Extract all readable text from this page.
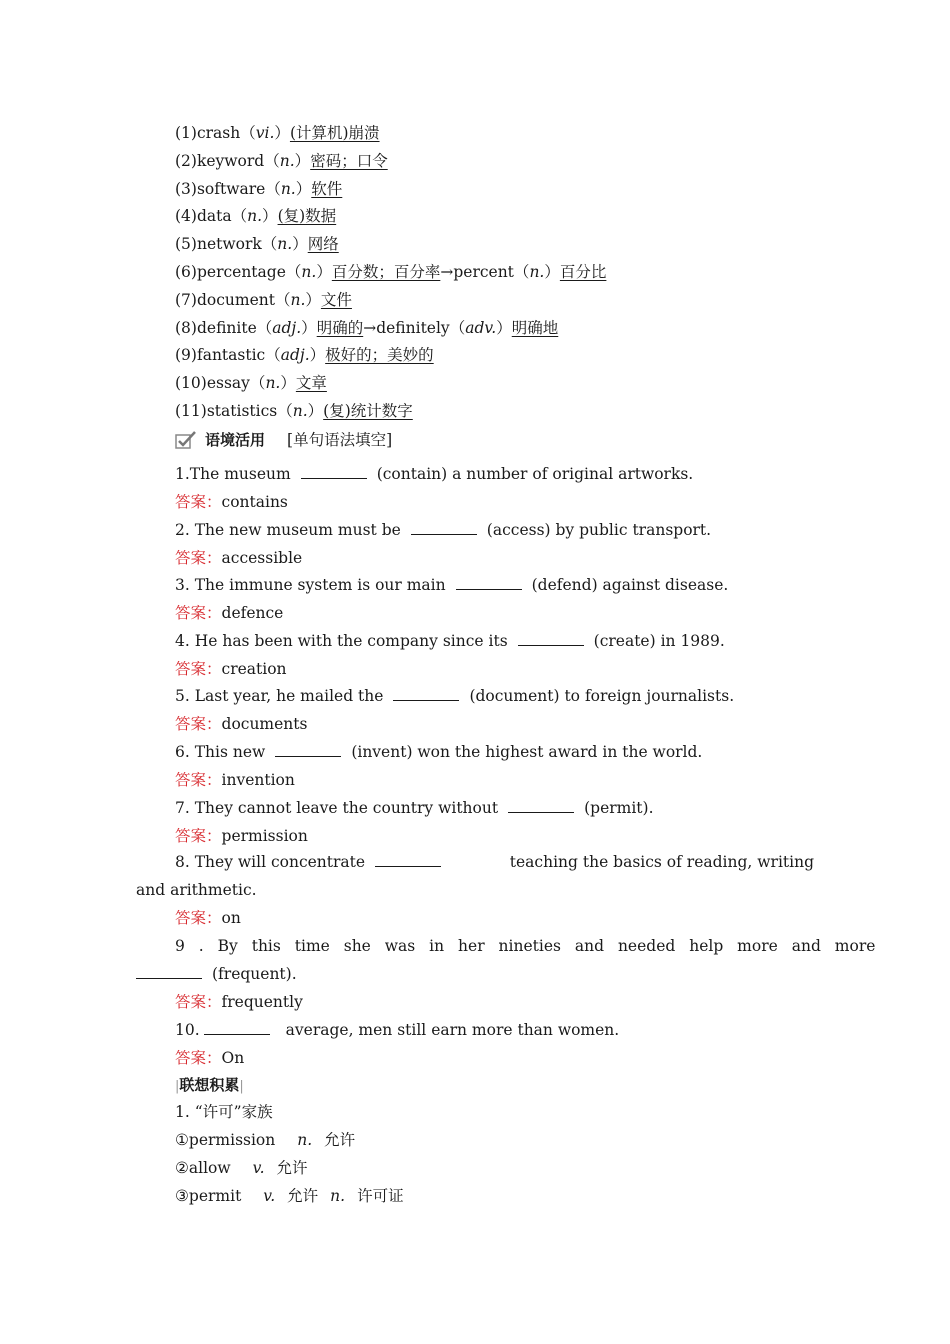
(1)crash（vi.）(计算机)崩溃
(2)keyword（n.）密码；口令
(3)software（n.）软件
(4)data（n.）(复)数据
(5)network（n.）网络
(6)percentage（n.）百分数；百分率→percent（n.）百分比
(7)document（n.）文件
(8)definite（adj.）明确的→definitely（adv.）明确地
(9)fantastic（adj.）极好的；美妙的
(10)essay（n.）文章
(11)statistics（n.）(复)统计数字
语境活用 [单句语法填空]
1.The museum	(contain) a number of original artworks.
答案：contains
2. The new museum must be	(access) by public transport.
答案：accessible
3. The immune system is our main	(defend) against disease.
答案：defence
4. He has been with the company since its	(create) in 1989.
答案：creation
5. Last year, he mailed the	(document) to foreign journalists.
答案：documents
6. This new	(invent) won the highest award in the world.
答案：invention
7. They cannot leave the country without	(permit).
答案：permission
8. They will concentrate	teaching the basics of reading, writing
and arithmetic.
答案：on
9 . By this time she was in her nineties and needed help more and more
(frequent).
答案：frequently
10.	average, men still earn more than women.
答案：On
|联想积累|
1. “许可”家族
①permission n. 允许
②allow v. 允许
③permit v. 允许 n. 许可证
